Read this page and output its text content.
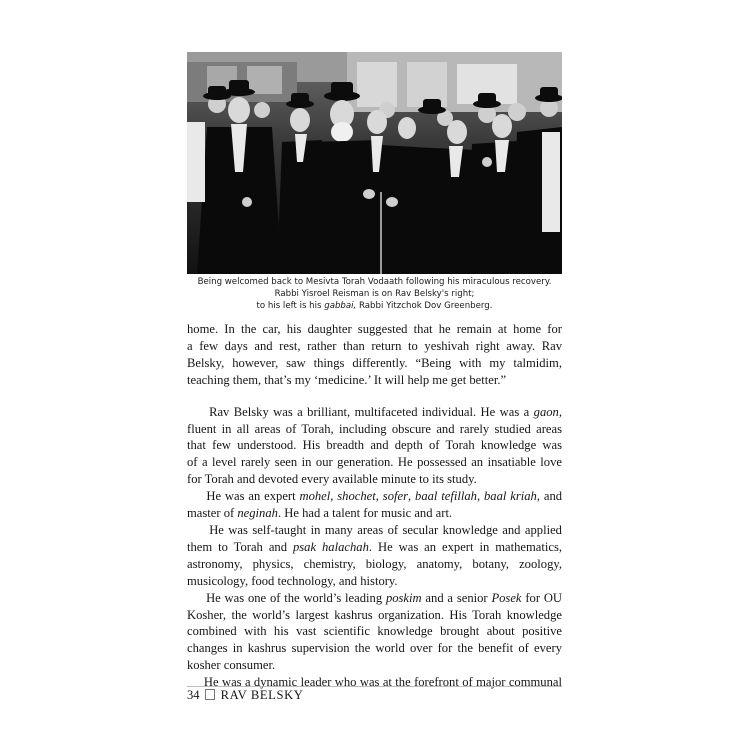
Being welcomed back to Mesivta Torah Vodaath following his miraculous recovery.
Rabbi Yisroel Reisman is on Rav Belsky's right;
to his left is his gabbai, Rabbi Yitzchok Dov Greenberg.

home. In the car, his daughter suggested that he remain at home for
a few days and rest, rather than return to yeshivah right away. Rav
Belsky, however, saw things differently. “Being with my talmidim,
teaching them, that’s my ‘medicine.’ It will help me get better.”

Rav Belsky was a brilliant, multifaceted individual. He was a gaon,
fluent in all areas of Torah, including obscure and rarely studied areas
that few understood. His breadth and depth of Torah knowledge was
of a level rarely seen in our generation. He possessed an insatiable love
for Torah and devoted every available minute to its study.

He was an expert mohel, shochet, sofer, baal tefillah, baal kriah, and
master of neginah. He had a talent for music and art.

He was self-taught in many areas of secular knowledge and applied
them to Torah and psak halachah. He was an expert in mathematics,
astronomy, physics, chemistry, biology, anatomy, botany, zoology,
musicology, food technology, and history.

He was one of the world’s leading poskim and a senior Posek for OU
Kosher, the world’s largest kashrus organization. His Torah knowledge
combined with his vast scientific knowledge brought about positive
changes in kashrus supervision the world over for the benefit of every
kosher consumer.

He was a dynamic leader who was at the forefront of major communal

34 RAV BELSKY
